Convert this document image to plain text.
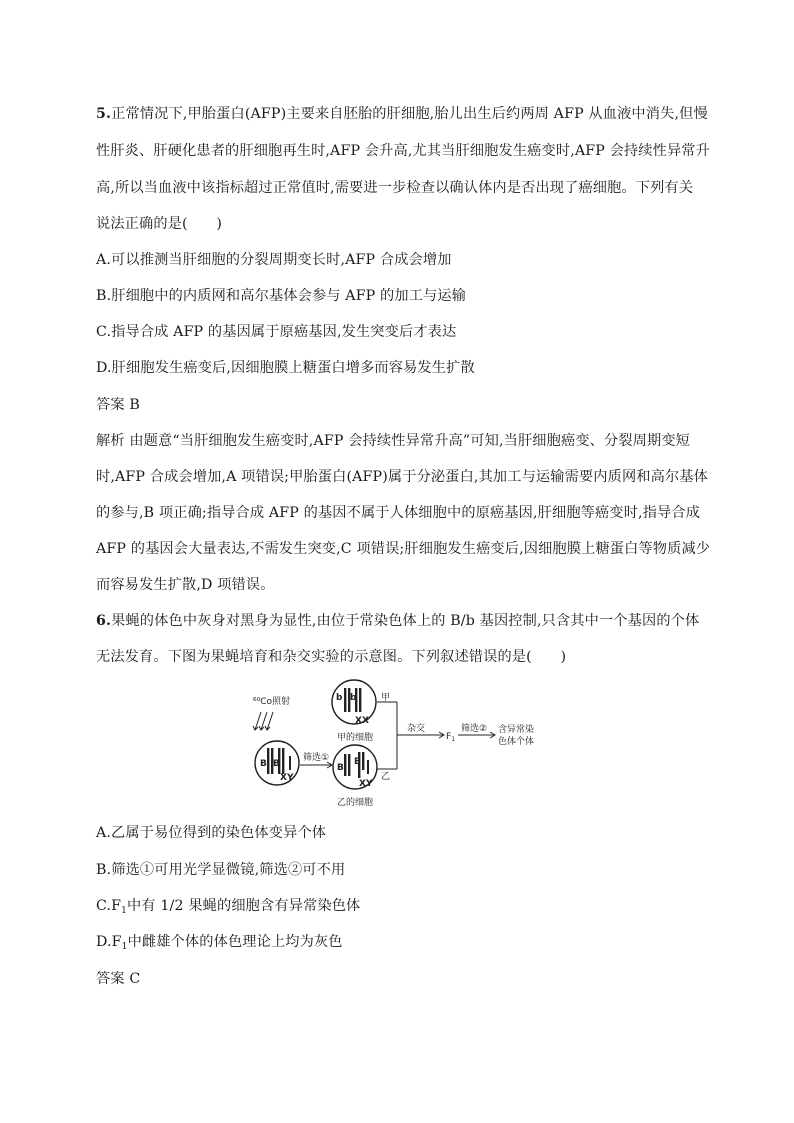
5.正常情况下,甲胎蛋白(AFP)主要来自胚胎的肝细胞,胎儿出生后约两周 AFP 从血液中消失,但慢
性肝炎、肝硬化患者的肝细胞再生时,AFP 会升高,尤其当肝细胞发生癌变时,AFP 会持续性异常升
高,所以当血液中该指标超过正常值时,需要进一步检查以确认体内是否出现了癌细胞。下列有关
说法正确的是(　　)
A.可以推测当肝细胞的分裂周期变长时,AFP 合成会增加
B.肝细胞中的内质网和高尔基体会参与 AFP 的加工与运输
C.指导合成 AFP 的基因属于原癌基因,发生突变后才表达
D.肝细胞发生癌变后,因细胞膜上糖蛋白增多而容易发生扩散
答案 B
解析 由题意“当肝细胞发生癌变时,AFP 会持续性异常升高”可知,当肝细胞癌变、分裂周期变短
时,AFP 合成会增加,A 项错误;甲胎蛋白(AFP)属于分泌蛋白,其加工与运输需要内质网和高尔基体
的参与,B 项正确;指导合成 AFP 的基因不属于人体细胞中的原癌基因,肝细胞等癌变时,指导合成
AFP 的基因会大量表达,不需发生突变,C 项错误;肝细胞发生癌变后,因细胞膜上糖蛋白等物质减少
而容易发生扩散,D 项错误。
6.果蝇的体色中灰身对黑身为显性,由位于常染色体上的 B/b 基因控制,只含其中一个基因的个体
无法发育。下图为果蝇培育和杂交实验的示意图。下列叙述错误的是(　　)
⁶⁰Co照射
B B
XY
筛选①
b b
XX
甲的细胞
B
B
XY
乙的细胞
甲
乙
杂交
$F_1$
筛选② 含异常染
色体个体
A.乙属于易位得到的染色体变异个体
B.筛选①可用光学显微镜,筛选②可不用
$C.F_1$中有 1/2 果蝇的细胞含有异常染色体
$D.F_1$中雌雄个体的体色理论上均为灰色
答案 C
